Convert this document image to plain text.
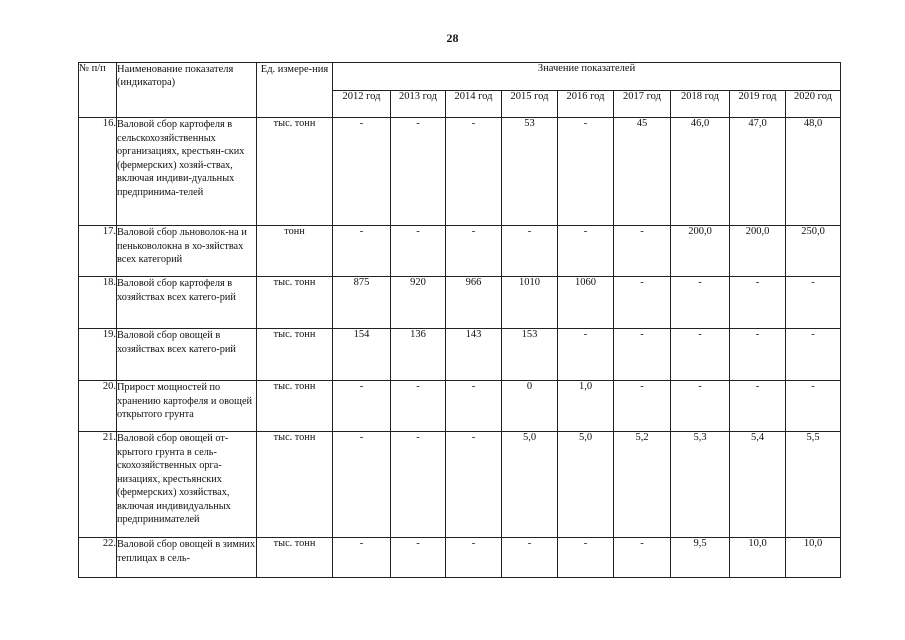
28
№ п/п	Наименование показателя (индикатора)	Ед. измере-ния	Значение показателей								
			2012 год	2013 год	2014 год	2015 год	2016 год	2017 год	2018 год	2019 год	2020 год
16.	Валовой сбор картофеля в сельскохозяйственных организациях, крестьян-ских (фермерских) хозяй-ствах, включая индиви-дуальных предпринима-телей	тыс. тонн	-	-	-	53	-	45	46,0	47,0	48,0
17.	Валовой сбор льноволок-на и пеньковолокна в хо-зяйствах всех категорий	тонн	-	-	-	-	-	-	200,0	200,0	250,0
18.	Валовой сбор картофеля в хозяйствах всех катего-рий	тыс. тонн	875	920	966	1010	1060	-	-	-	-
19.	Валовой сбор овощей в хозяйствах всех катего-рий	тыс. тонн	154	136	143	153	-	-	-	-	-
20.	Прирост мощностей по хранению картофеля и овощей открытого грунта	тыс. тонн	-	-	-	0	1,0	-	-	-	-
21.	Валовой сбор овощей от-крытого грунта в сель-скохозяйственных орга-низациях, крестьянских (фермерских) хозяйствах, включая индивидуальных предпринимателей	тыс. тонн	-	-	-	5,0	5,0	5,2	5,3	5,4	5,5
22.	Валовой сбор овощей в зимних теплицах в сель-	тыс. тонн	-	-	-	-	-	-	9,5	10,0	10,0
